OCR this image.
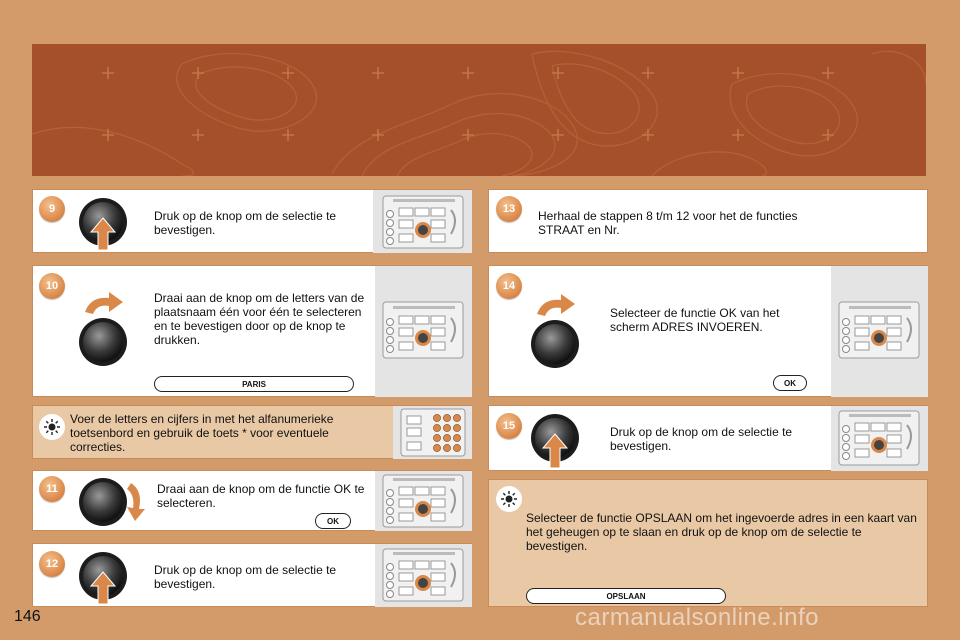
9	Druk op de knop om de selectie te bevestigen.
10
Draai aan de knop om de letters van de plaatsnaam één voor één te selecteren en te bevestigen door op de knop te drukken.
PARIS
Voer de letters en cijfers in met het alfanumerieke toetsenbord en gebruik de toets * voor eventuele correcties.
11	Draai aan de knop om de functie OK te selecteren.
OK
12	Druk op de knop om de selectie te bevestigen.
13	Herhaal de stappen 8 t/m 12 voor het de functies STRAAT en Nr.
14
Selecteer de functie OK van het scherm ADRES INVOEREN.
OK
15	Druk op de knop om de selectie te bevestigen.
Selecteer de functie OPSLAAN om het ingevoerde adres in een kaart van het geheugen op te slaan en druk op de knop om de selectie te bevestigen.
OPSLAAN
146	carmanualsonline.info
